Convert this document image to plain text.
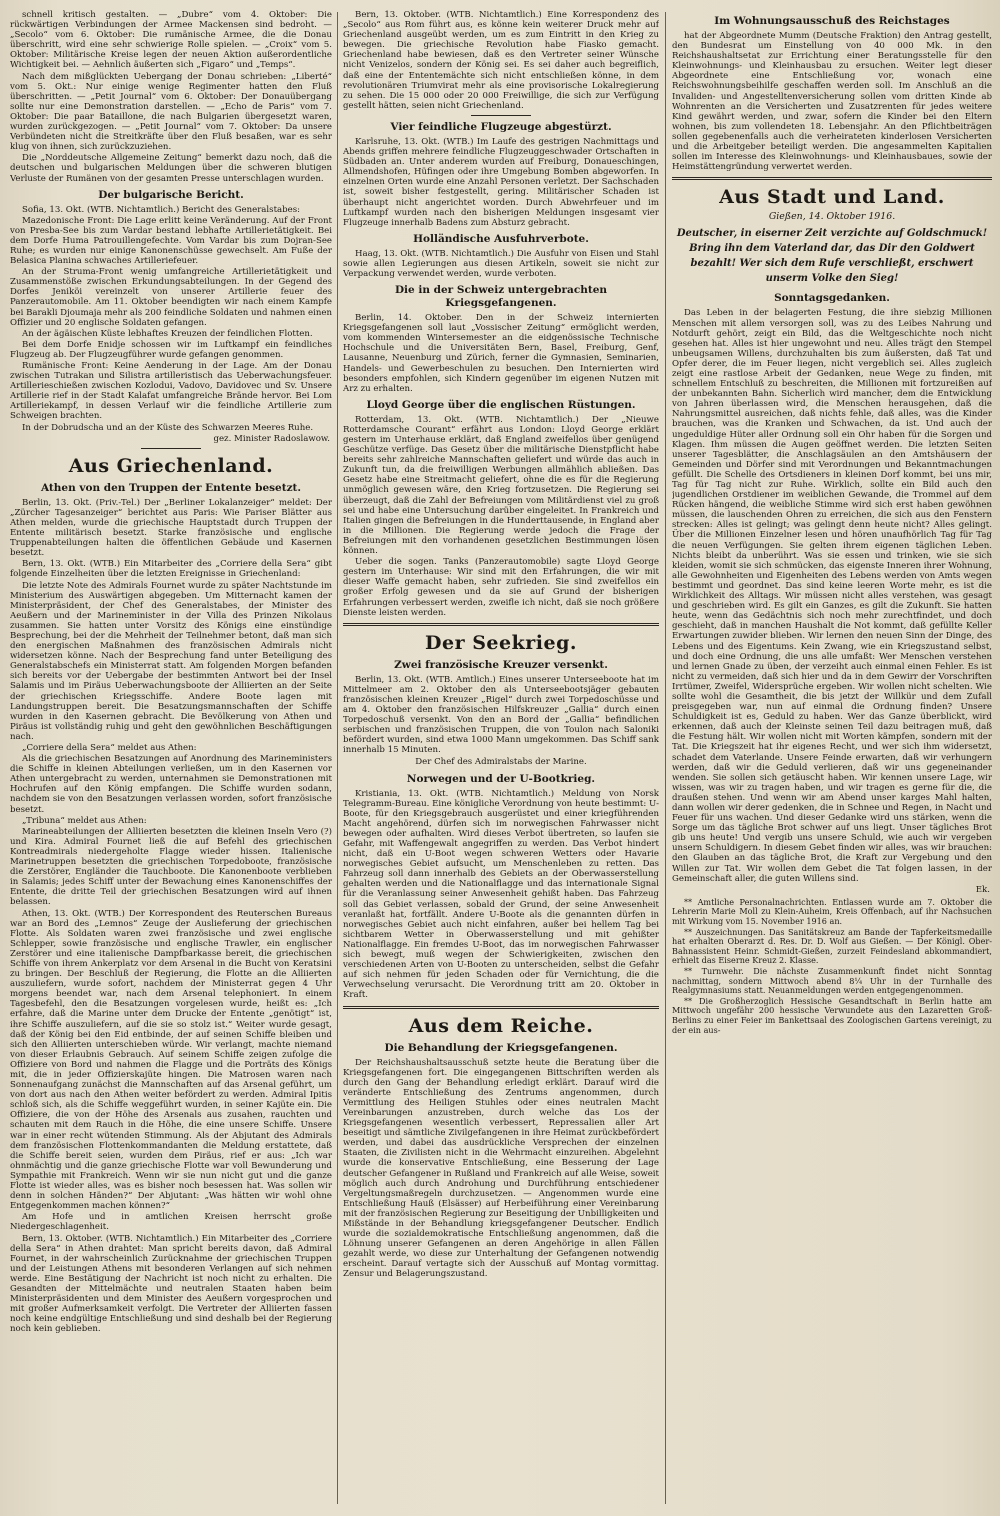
schnell kritisch gestalten. — „Dubre“ vom 4. Oktober: Die rückwärtigen Verbindungen der Armee Mackensen sind bedroht. — „Secolo“ vom 6. Oktober: Die rumänische Armee, die die Donau überschritt, wird eine sehr schwierige Rolle spielen. — „Croix“ vom 5. Oktober: Militärische Kreise legen der neuen Aktion außerordentliche Wichtigkeit bei. — Aehnlich äußerten sich „Figaro“ und „Temps“.

Nach dem mißglückten Uebergang der Donau schrieben: „Liberté“ vom 5. Okt.: Nur einige wenige Regimenter hatten den Fluß überschritten. — „Petit Journal“ vom 6. Oktober: Der Donauübergang sollte nur eine Demonstration darstellen. — „Echo de Paris“ vom 7. Oktober: Die paar Bataillone, die nach Bulgarien übergesetzt waren, wurden zurückgezogen. — „Petit Journal“ vom 7. Oktober: Da unsere Verbündeten nicht die Streitkräfte über den Fluß besaßen, war es sehr klug von ihnen, sich zurückzuziehen.

Die „Norddeutsche Allgemeine Zeitung“ bemerkt dazu noch, daß die deutschen und bulgarischen Meldungen über die schweren blutigen Verluste der Rumänen von der gesamten Presse unterschlagen wurden.

Der bulgarische Bericht.

Sofia, 13. Okt. (WTB. Nichtamtlich.) Bericht des Generalstabes:

Mazedonische Front: Die Lage erlitt keine Veränderung. Auf der Front von Presba-See bis zum Vardar bestand lebhafte Artillerietätigkeit. Bei dem Dorfe Huma Patrouillengefechte. Vom Vardar bis zum Dojran-See Ruhe; es wurden nur einige Kanonenschüsse gewechselt. Am Fuße der Belasica Planina schwaches Artilleriefeuer.

An der Struma-Front wenig umfangreiche Artillerietätigkeit und Zusammenstöße zwischen Erkundungsabteilungen. In der Gegend des Dorfes Jeniköi vereinzelt von unserer Artillerie feuer des Panzerautomobile. Am 11. Oktober beendigten wir nach einem Kampfe bei Barakli Djoumaja mehr als 200 feindliche Soldaten und nahmen einen Offizier und 20 englische Soldaten gefangen.

An der ägäischen Küste lebhaftes Kreuzen der feindlichen Flotten.

Bei dem Dorfe Enidje schossen wir im Luftkampf ein feindliches Flugzeug ab. Der Flugzeugführer wurde gefangen genommen.

Rumänische Front: Keine Aenderung in der Lage. Am der Donau zwischen Tutrakan und Silistra artilleristisch das Ueberwachungsfeuer. Artillerieschießen zwischen Kozlodui, Vadovo, Davidovec und Sv. Unsere Artillerie rief in der Stadt Kalafat umfangreiche Brände hervor. Bei Lom Artilleriekampf, in dessen Verlauf wir die feindliche Artillerie zum Schweigen brachten.

In der Dobrudscha und an der Küste des Schwarzen Meeres Ruhe.

gez. Minister Radoslawow.
Aus Griechenland.
Athen von den Truppen der Entente besetzt.

Berlin, 13. Okt. (Priv.-Tel.) Der „Berliner Lokalanzeiger“ meldet: Der „Zürcher Tagesanzeiger“ berichtet aus Paris: Wie Pariser Blätter aus Athen melden, wurde die griechische Hauptstadt durch Truppen der Entente militärisch besetzt. Starke französische und englische Truppenabteilungen halten die öffentlichen Gebäude und Kasernen besetzt.

Bern, 13. Okt. (WTB.) Ein Mitarbeiter des „Corriere della Sera“ gibt folgende Einzelheiten über die letzten Ereignisse in Griechenland:

Die letzte Note des Admirals Fournet wurde zu später Nachtstunde im Ministerium des Auswärtigen abgegeben. Um Mitternacht kamen der Ministerpräsident, der Chef des Generalstabes, der Minister des Aeußern und der Marineminister in der Villa des Prinzen Nikolaus zusammen. Sie hatten unter Vorsitz des Königs eine einstündige Besprechung, bei der die Mehrheit der Teilnehmer betont, daß man sich den energischen Maßnahmen des französischen Admirals nicht widersetzen könne. Nach der Besprechung fand unter Beteiligung des Generalstabschefs ein Ministerrat statt. Am folgenden Morgen befanden sich bereits vor der Uebergabe der bestimmten Antwort bei der Insel Salamis und im Piräus Ueberwachungsboote der Alliierten an der Seite der griechischen Kriegsschiffe. Andere Boote lagen mit Landungstruppen bereit. Die Besatzungsmannschaften der Schiffe wurden in den Kasernen gebracht. Die Bevölkerung von Athen und Piräus ist vollständig ruhig und geht den gewöhnlichen Beschäftigungen nach.

„Corriere della Sera“ meldet aus Athen:

Als die griechischen Besatzungen auf Anordnung des Marineministers die Schiffe in kleinen Abteilungen verließen, um in den Kasernen vor Athen untergebracht zu werden, unternahmen sie Demonstrationen mit Hochrufen auf den König empfangen. Die Schiffe wurden sodann, nachdem sie von den Besatzungen verlassen worden, sofort französische besetzt.

„Tribuna“ meldet aus Athen:

Marineabteilungen der Alliierten besetzten die kleinen Inseln Vero (?) und Kira. Admiral Fournet ließ die auf Befehl des griechischen Kontreadmirals niedergeholte Flagge wieder hissen. Italienische Marinetruppen besetzten die griechischen Torpedoboote, französische die Zerstörer, Engländer die Tauchboote. Die Kanonenboote verblieben in Salamis; jedes Schiff unter der Bewachung eines Kanonenschiffes der Entente, die dritte Teil der griechischen Besatzungen wird auf ihnen belassen.

Athen, 13. Okt. (WTB.) Der Korrespondent des Reuterschen Bureaus war an Bord des „Lemnos“ Zeuge der Auslieferung der griechischen Flotte. Als Soldaten waren zwei französische und zwei englische Schlepper, sowie französische und englische Trawler, ein englischer Zerstörer und eine italienische Dampfbarkasse bereit, die griechischen Schiffe von ihrem Ankerplatz vor dem Arsenal in die Bucht von Keratsini zu bringen. Der Beschluß der Regierung, die Flotte an die Alliierten auszuliefern, wurde sofort, nachdem der Ministerrat gegen 4 Uhr morgens beendet war, nach dem Arsenal telephoniert. In einem Tagesbefehl, den die Besatzungen vorgelesen wurde, heißt es: „Ich erfahre, daß die Marine unter dem Drucke der Entente „genötigt“ ist, ihre Schiffe auszuliefern, auf die sie so stolz ist.“ Weiter wurde gesagt, daß der König bei den Eid entbinde, der auf seinen Schiffe bleiben und sich den Alliierten unterschieben würde. Wir verlangt, machte niemand von dieser Erlaubnis Gebrauch. Auf seinem Schiffe zeigen zufolge die Offiziere von Bord und nahmen die Flagge und die Porträts des Königs mit, die in jeder Offizierskajüte hingen. Die Matrosen waren nach Sonnenaufgang zunächst die Mannschaften auf das Arsenal geführt, um von dort aus nach den Athen weiter befördert zu werden. Admiral Ipitis schloß sich, als die Schiffe weggeführt wurden, in seiner Kajüte ein. Die Offiziere, die von der Höhe des Arsenals aus zusahen, rauchten und schauten mit dem Rauch in die Höhe, die eine unsere Schiffe. Unsere war in einer recht wütenden Stimmung. Als der Abjutant des Admirals dem französischen Flottenkommandanten die Meldung erstattete, daß die Schiffe bereit seien, wurden dem Piräus, rief er aus: „Ich war ohnmächtig und die ganze griechische Flotte war voll Bewunderung und Sympathie mit Frankreich. Wenn wir sie nun nicht gut und die ganze Flotte ist wieder alles, was es bisher noch besessen hat. Was sollen wir denn in solchen Händen?“ Der Abjutant: „Was hätten wir wohl ohne Entgegenkommen machen können?“

Am Hofe und in amtlichen Kreisen herrscht große Niedergeschlagenheit.

Bern, 13. Oktober. (WTB. Nichtamtlich.) Ein Mitarbeiter des „Corriere della Sera“ in Athen drahtet: Man spricht bereits davon, daß Admiral Fournet, in der wahrscheinlich Zurücknahme der griechischen Truppen und der Leistungen Athens mit besonderen Verlangen auf sich nehmen werde. Eine Bestätigung der Nachricht ist noch nicht zu erhalten. Die Gesandten der Mittelmächte und neutralen Staaten haben beim Ministerpräsidenten und dem Minister des Aeußern vorgesprochen und mit großer Aufmerksamkeit verfolgt. Die Vertreter der Alliierten fassen noch keine endgültige Entschließung und sind deshalb bei der Regierung noch kein geblieben.

Bern, 13. Oktober. (WTB. Nichtamtlich.) Eine Korrespondenz des „Secolo“ aus Rom führt aus, es könne kein weiterer Druck mehr auf Griechenland ausgeübt werden, um es zum Eintritt in den Krieg zu bewegen. Die griechische Revolution habe Fiasko gemacht. Griechenland habe bewiesen, daß es den Vertreter seiner Wünsche nicht Venizelos, sondern der König sei. Es sei daher auch begreiflich, daß eine der Ententemächte sich nicht entschließen könne, in dem revolutionären Triumvirat mehr als eine provisorische Lokalregierung zu sehen. Die 15 000 oder 20 000 Freiwillige, die sich zur Verfügung gestellt hätten, seien nicht Griechenland.

Vier feindliche Flugzeuge abgestürzt.

Karlsruhe, 13. Okt. (WTB.) Im Laufe des gestrigen Nachmittags und Abends griffen mehrere feindliche Flugzeuggeschwader Ortschaften in Südbaden an. Unter anderem wurden auf Freiburg, Donaueschingen, Allmendshofen, Hüfingen oder ihre Umgebung Bomben abgeworfen. In einzelnen Orten wurde eine Anzahl Personen verletzt. Der Sachschaden ist, soweit bisher festgestellt, gering. Militärischer Schaden ist überhaupt nicht angerichtet worden. Durch Abwehrfeuer und im Luftkampf wurden nach den bisherigen Meldungen insgesamt vier Flugzeuge innerhalb Badens zum Absturz gebracht.

Holländische Ausfuhrverbote.

Haag, 13. Okt. (WTB. Nichtamtlich.) Die Ausfuhr von Eisen und Stahl sowie allen Legierungen aus diesen Artikeln, soweit sie nicht zur Verpackung verwendet werden, wurde verboten.

Die in der Schweiz untergebrachten Kriegsgefangenen.

Berlin, 14. Oktober. Den in der Schweiz internierten Kriegsgefangenen soll laut „Vossischer Zeitung“ ermöglicht werden, vom kommenden Wintersemester an die eidgenössische Technische Hochschule und die Universitäten Bern, Basel, Freiburg, Genf, Lausanne, Neuenburg und Zürich, ferner die Gymnasien, Seminarien, Handels- und Gewerbeschulen zu besuchen. Den Internierten wird besonders empfohlen, sich Kindern gegenüber im eigenen Nutzen mit Arz zu erhalten.

Lloyd George über die englischen Rüstungen.

Rotterdam, 13. Okt. (WTB. Nichtamtlich.) Der „Nieuwe Rotterdamsche Courant“ erfährt aus London: Lloyd George erklärt gestern im Unterhause erklärt, daß England zweifellos über genügend Geschütze verfüge. Das Gesetz über die militärische Dienstpflicht habe bereits sehr zahlreiche Mannschaften geliefert und würde das auch in Zukunft tun, da die freiwilligen Werbungen allmählich abließen. Das Gesetz habe eine Streitmacht geliefert, ohne die es für die Regierung unmöglich gewesen wäre, den Krieg fortzusetzen. Die Regierung sei überzeugt, daß die Zahl der Befreiungen vom Militärdienst viel zu groß sei und habe eine Untersuchung darüber eingeleitet. In Frankreich und Italien gingen die Befreiungen in die Hunderttausende, in England aber in die Millionen. Die Regierung werde jedoch die Frage der Befreiungen mit den vorhandenen gesetzlichen Bestimmungen lösen können.

Ueber die sogen. Tanks (Panzerautomobile) sagte Lloyd George gestern im Unterhause: Wir sind mit den Erfahrungen, die wir mit dieser Waffe gemacht haben, sehr zufrieden. Sie sind zweifellos ein großer Erfolg gewesen und da sie auf Grund der bisherigen Erfahrungen verbessert werden, zweifle ich nicht, daß sie noch größere Dienste leisten werden.

Der Seekrieg.
Zwei französische Kreuzer versenkt.

Berlin, 13. Okt. (WTB. Amtlich.) Eines unserer Unterseeboote hat im Mittelmeer am 2. Oktober den als Unterseebootsjäger gebauten französischen kleinen Kreuzer „Rigel“ durch zwei Torpedoschüsse und am 4. Oktober den französischen Hilfskreuzer „Gallia“ durch einen Torpedoschuß versenkt. Von den an Bord der „Gallia“ befindlichen serbischen und französischen Truppen, die von Toulon nach Saloniki befördert wurden, sind etwa 1000 Mann umgekommen. Das Schiff sank innerhalb 15 Minuten.

Der Chef des Admiralstabs der Marine.
Norwegen und der U-Bootkrieg.

Kristiania, 13. Okt. (WTB. Nichtamtlich.) Meldung von Norsk Telegramm-Bureau. Eine königliche Verordnung von heute bestimmt: U-Boote, für den Kriegsgebrauch ausgerüstet und einer kriegführenden Macht angehörend, dürfen sich im norwegischen Fahrwasser nicht bewegen oder aufhalten. Wird dieses Verbot übertreten, so laufen sie Gefahr, mit Waffengewalt angegriffen zu werden. Das Verbot hindert nicht, daß ein U-Boot wegen schweren Wetters oder Havarie norwegisches Gebiet aufsucht, um Menschenleben zu retten. Das Fahrzeug soll dann innerhalb des Gebiets an der Oberwasserstellung gehalten werden und die Nationalflagge und das internationale Signal für die Veranlassung seiner Anwesenheit gehißt haben. Das Fahrzeug soll das Gebiet verlassen, sobald der Grund, der seine Anwesenheit veranlaßt hat, fortfällt. Andere U-Boote als die genannten dürfen in norwegisches Gebiet auch nicht einfahren, außer bei hellem Tag bei sichtbarem Wetter in Oberwasserstellung und mit gehißter Nationalflagge. Ein fremdes U-Boot, das im norwegischen Fahrwasser sich bewegt, muß wegen der Schwierigkeiten, zwischen den verschiedenen Arten von U-Booten zu unterscheiden, selbst die Gefahr auf sich nehmen für jeden Schaden oder für Vernichtung, die die Verwechselung verursacht. Die Verordnung tritt am 20. Oktober in Kraft.

Aus dem Reiche.
Die Behandlung der Kriegsgefangenen.

Der Reichshaushaltsausschuß setzte heute die Beratung über die Kriegsgefangenen fort. Die eingegangenen Bittschriften werden als durch den Gang der Behandlung erledigt erklärt. Darauf wird die veränderte Entschließung des Zentrums angenommen, durch Vermittlung des Heiligen Stuhles oder eines neutralen Macht Vereinbarungen anzustreben, durch welche das Los der Kriegsgefangenen wesentlich verbessert, Repressalien aller Art beseitigt und sämtliche Zivilgefangenen in ihre Heimat zurückbefördert werden, und dabei das ausdrückliche Versprechen der einzelnen Staaten, die Zivilisten nicht in die Wehrmacht einzureihen. Abgelehnt wurde die konservative Entschließung, eine Besserung der Lage deutscher Gefangener in Rußland und Frankreich auf alle Weise, soweit möglich auch durch Androhung und Durchführung entschiedener Vergeltungsmaßregeln durchzusetzen. — Angenommen wurde eine Entschließung Hauß (Elsässer) auf Herbeiführung einer Vereinbarung mit der französischen Regierung zur Beseitigung der Unbilligkeiten und Mißstände in der Behandlung kriegsgefangener Deutscher. Endlich wurde die sozialdemokratische Entschließung angenommen, daß die Löhnung unserer Gefangenen an deren Angehörige in allen Fällen gezahlt werde, wo diese zur Unterhaltung der Gefangenen notwendig erscheint. Darauf vertagte sich der Ausschuß auf Montag vormittag. Zensur und Belagerungszustand.

Im Wohnungsausschuß des Reichstages

hat der Abgeordnete Mumm (Deutsche Fraktion) den Antrag gestellt, den Bundesrat um Einstellung von 40 000 Mk. in den Reichshaushaltsetat zur Errichtung einer Beratungsstelle für den Kleinwohnungs- und Kleinhausbau zu ersuchen. Weiter legt dieser Abgeordnete eine Entschließung vor, wonach eine Reichswohnungsbeihilfe geschaffen werden soll. Im Anschluß an die Invaliden- und Angestelltenversicherung sollen vom dritten Kinde ab Wohnrenten an die Versicherten und Zusatzrenten für jedes weitere Kind gewährt werden, und zwar, sofern die Kinder bei den Eltern wohnen, bis zum vollendeten 18. Lebensjahr. An den Pflichtbeiträgen sollen gegebenenfalls auch die verheirateten kinderlosen Versicherten und die Arbeitgeber beteiligt werden. Die angesammelten Kapitalien sollen im Interesse des Kleinwohnungs- und Kleinhausbaues, sowie der Heimstättengründung verwertet werden.

Aus Stadt und Land.
Gießen, 14. Oktober 1916.
Deutscher, in eiserner Zeit verzichte auf Goldschmuck! Bring ihn dem Vaterland dar, das Dir den Goldwert bezahlt! Wer sich dem Rufe verschließt, erschwert unserm Volke den Sieg!
Sonntagsgedanken.

Das Leben in der belagerten Festung, die ihre siebzig Millionen Menschen mit allem versorgen soll, was zu des Leibes Nahrung und Notdurft gehört, zeigt ein Bild, das die Weltgeschichte noch nicht gesehen hat. Alles ist hier ungewohnt und neu. Alles trägt den Stempel unbeugsamen Willens, durchzuhalten bis zum äußersten, daß Tat und Opfer derer, die im Feuer liegen, nicht vergeblich sei. Alles zugleich zeigt eine rastlose Arbeit der Gedanken, neue Wege zu finden, mit schnellem Entschluß zu beschreiten, die Millionen mit fortzureißen auf der unbekannten Bahn. Sicherlich wird mancher, dem die Entwicklung von Jahren überlassen wird, die Menschen herausgehen, daß die Nahrungsmittel ausreichen, daß nichts fehle, daß alles, was die Kinder brauchen, was die Kranken und Schwachen, da ist. Und auch der ungeduldige Hüter aller Ordnung soll ein Ohr haben für die Sorgen und Klagen. Ihm müssen die Augen geöffnet werden. Die letzten Seiten unserer Tagesblätter, die Anschlagsäulen an den Amtshäusern der Gemeinden und Dörfer sind mit Verordnungen und Bekanntmachungen gefüllt. Die Schelle des Ortsdieners in kleinen Dorf kommt, bei uns mir, Tag für Tag nicht zur Ruhe. Wirklich, sollte ein Bild auch den jugendlichen Orstdiener im weiblichen Gewande, die Trommel auf dem Rücken hängend, die weibliche Stimme wird sich erst haben gewöhnen müssen, die lauschenden Ohren zu erreichen, die sich aus den Fenstern strecken: Alles ist gelingt; was gelingt denn heute nicht? Alles gelingt. Über die Millionen Einzelner lesen und hören unaufhörlich Tag für Tag die neuen Verfügungen. Sie gelten ihrem eigenen täglichen Leben. Nichts bleibt da unberührt. Was sie essen und trinken, wie sie sich kleiden, womit sie sich schmücken, das eigenste Inneren ihrer Wohnung, alle Gewohnheiten und Eigenheiten des Lebens werden von Amts wegen bestimmt und geordnet. Das sind keine leeren Worte mehr, es ist die Wirklichkeit des Alltags. Wir müssen nicht alles verstehen, was gesagt und geschrieben wird. Es gilt ein Ganzes, es gilt die Zukunft. Sie hatten heute, wenn das Gedächtnis sich noch mehr zurechtfindet, und doch geschieht, daß in manchen Haushalt die Not kommt, daß gefüllte Keller Erwartungen zuwider blieben. Wir lernen den neuen Sinn der Dinge, des Lebens und des Eigentums. Kein Zwang, wie ein Kriegszustand selbst, und doch eine Ordnung, die uns alle umfaßt: Wer Menschen verstehen und lernen Gnade zu üben, der verzeiht auch einmal einen Fehler. Es ist nicht zu vermeiden, daß sich hier und da in dem Gewirr der Vorschriften Irrtümer, Zweifel, Widersprüche ergeben. Wir wollen nicht schelten. Wie sollte wohl die Gesamtheit, die bis jetzt der Willkür und dem Zufall preisgegeben war, nun auf einmal die Ordnung finden? Unsere Schuldigkeit ist es, Geduld zu haben. Wer das Ganze überblickt, wird erkennen, daß auch der Kleinste seinen Teil dazu beitragen muß, daß die Festung hält. Wir wollen nicht mit Worten kämpfen, sondern mit der Tat. Die Kriegszeit hat ihr eigenes Recht, und wer sich ihm widersetzt, schadet dem Vaterlande. Unsere Feinde erwarten, daß wir verhungern werden, daß wir die Geduld verlieren, daß wir uns gegeneinander wenden. Sie sollen sich getäuscht haben. Wir kennen unsere Lage, wir wissen, was wir zu tragen haben, und wir tragen es gerne für die, die draußen stehen. Und wenn wir am Abend unser karges Mahl halten, dann wollen wir derer gedenken, die in Schnee und Regen, in Nacht und Feuer für uns wachen. Und dieser Gedanke wird uns stärken, wenn die Sorge um das tägliche Brot schwer auf uns liegt. Unser tägliches Brot gib uns heute! Und vergib uns unsere Schuld, wie auch wir vergeben unsern Schuldigern. In diesem Gebet finden wir alles, was wir brauchen: den Glauben an das tägliche Brot, die Kraft zur Vergebung und den Willen zur Tat. Wir wollen dem Gebet die Tat folgen lassen, in der Gemeinschaft aller, die guten Willens sind.

Ek.

** Amtliche Personalnachrichten. Entlassen wurde am 7. Oktober die Lehrerin Marie Moll zu Klein-Auheim, Kreis Offenbach, auf ihr Nachsuchen mit Wirkung vom 15. November 1916 an.

** Auszeichnungen. Das Sanitätskreuz am Bande der Tapferkeitsmedaille hat erhalten Oberarzt d. Res. Dr. D. Wolf aus Gießen. — Der Königl. Ober-Bahnassistent Heinr. Schmidt-Gießen, zurzeit Feindesland abkommandiert, erhielt das Eiserne Kreuz 2. Klasse.

** Turnwehr. Die nächste Zusammenkunft findet nicht Sonntag nachmittag, sondern Mittwoch abend 8¼ Uhr in der Turnhalle des Realgymnasiums statt. Neuanmeldungen werden entgegengenommen.

** Die Großherzoglich Hessische Gesandtschaft in Berlin hatte am Mittwoch ungefähr 200 hessische Verwundete aus den Lazaretten Groß-Berlins zu einer Feier im Bankettsaal des Zoologischen Gartens vereinigt, zu der ein aus-
